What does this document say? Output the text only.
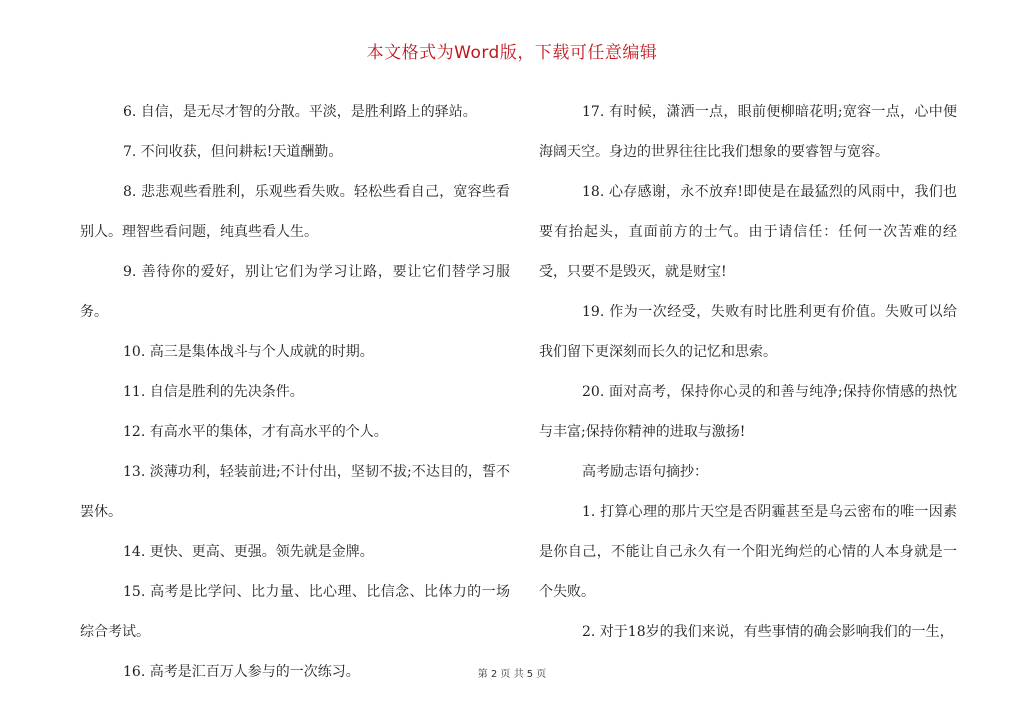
本文格式为Word版，下载可任意编辑

6. 自信，是无尽才智的分散。平淡，是胜利路上的驿站。

7. 不问收获，但问耕耘!天道酬勤。

8. 悲悲观些看胜利，乐观些看失败。轻松些看自己，宽容些看别人。理智些看问题，纯真些看人生。

9. 善待你的爱好，别让它们为学习让路，要让它们替学习服务。

10. 高三是集体战斗与个人成就的时期。

11. 自信是胜利的先决条件。

12. 有高水平的集体，才有高水平的个人。

13. 淡薄功利，轻装前进;不计付出，坚韧不拔;不达目的，誓不罢休。

14. 更快、更高、更强。领先就是金牌。

15. 高考是比学问、比力量、比心理、比信念、比体力的一场综合考试。

16. 高考是汇百万人参与的一次练习。

17. 有时候，潇洒一点，眼前便柳暗花明;宽容一点，心中便海阔天空。身边的世界往往比我们想象的要睿智与宽容。

18. 心存感谢，永不放弃!即使是在最猛烈的风雨中，我们也要有抬起头，直面前方的士气。由于请信任：任何一次苦难的经受，只要不是毁灭，就是财宝!

19. 作为一次经受，失败有时比胜利更有价值。失败可以给我们留下更深刻而长久的记忆和思索。

20. 面对高考，保持你心灵的和善与纯净;保持你情感的热忱与丰富;保持你精神的进取与激扬!

高考励志语句摘抄：

1. 打算心理的那片天空是否阴霾甚至是乌云密布的唯一因素是你自己，不能让自己永久有一个阳光绚烂的心情的人本身就是一个失败。

2. 对于18岁的我们来说，有些事情的确会影响我们的一生，

第 2 页 共 5 页
